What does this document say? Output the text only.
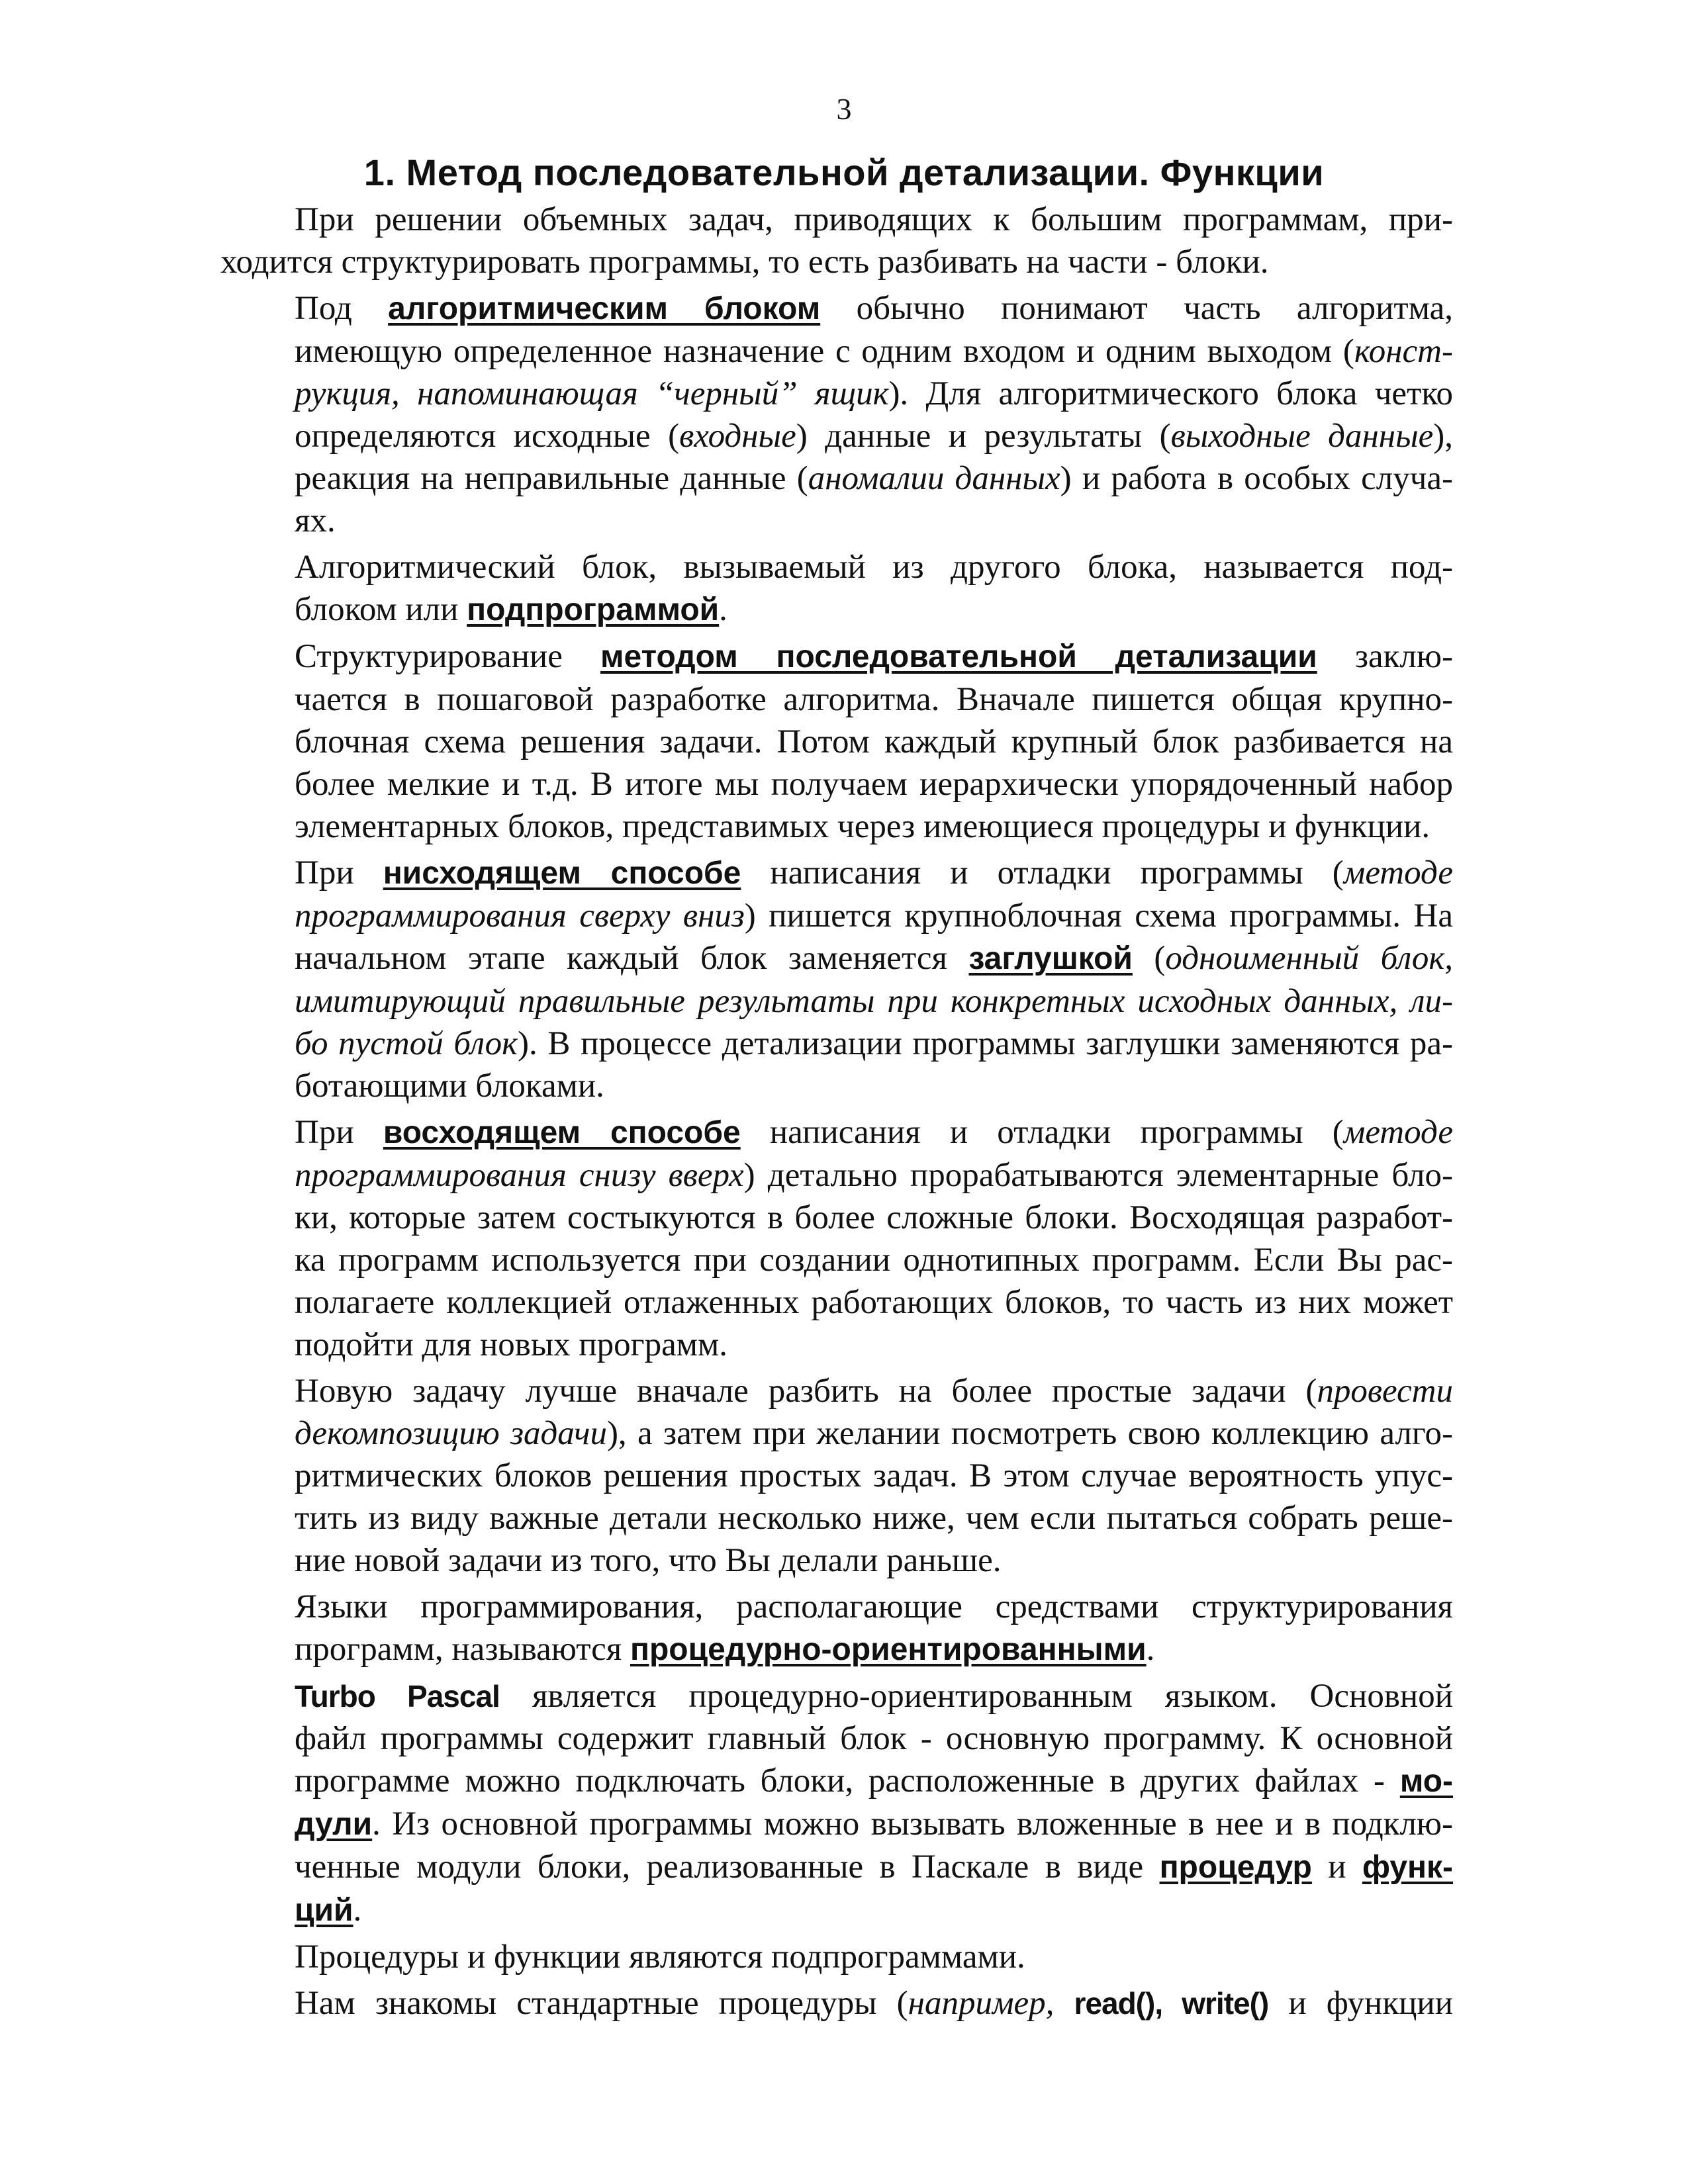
3
1. Метод последовательной детализации. Функции

При решении объемных задач, приводящих к большим программам, при-
ходится структурировать программы, то есть разбивать на части - блоки.

Под алгоритмическим блоком обычно понимают часть алгоритма,
имеющую определенное назначение с одним входом и одним выходом (конст-
рукция, напоминающая “черный” ящик). Для алгоритмического блока четко
определяются исходные (входные) данные и результаты (выходные данные),
реакция на неправильные данные (аномалии данных) и работа в особых случа-
ях.

Алгоритмический блок, вызываемый из другого блока, называется под-
блоком или подпрограммой.

Структурирование методом последовательной детализации заклю-
чается в пошаговой разработке алгоритма. Вначале пишется общая крупно-
блочная схема решения задачи. Потом каждый крупный блок разбивается на
более мелкие и т.д. В итоге мы получаем иерархически упорядоченный набор
элементарных блоков, представимых через имеющиеся процедуры и функции.

При нисходящем способе написания и отладки программы (методе
программирования сверху вниз) пишется крупноблочная схема программы. На
начальном этапе каждый блок заменяется заглушкой (одноименный блок,
имитирующий правильные результаты при конкретных исходных данных, ли-
бо пустой блок). В процессе детализации программы заглушки заменяются ра-
ботающими блоками.

При восходящем способе написания и отладки программы (методе
программирования снизу вверх) детально прорабатываются элементарные бло-
ки, которые затем состыкуются в более сложные блоки. Восходящая разработ-
ка программ используется при создании однотипных программ. Если Вы рас-
полагаете коллекцией отлаженных работающих блоков, то часть из них может
подойти для новых программ.

Новую задачу лучше вначале разбить на более простые задачи (провести
декомпозицию задачи), а затем при желании посмотреть свою коллекцию алго-
ритмических блоков решения простых задач. В этом случае вероятность упус-
тить из виду важные детали несколько ниже, чем если пытаться собрать реше-
ние новой задачи из того, что Вы делали раньше.

Языки программирования, располагающие средствами структурирования
программ, называются процедурно-ориентированными.

Turbo Pascal является процедурно-ориентированным языком. Основной
файл программы содержит главный блок - основную программу. К основной
программе можно подключать блоки, расположенные в других файлах - мо-
дули. Из основной программы можно вызывать вложенные в нее и в подклю-
ченные модули блоки, реализованные в Паскале в виде процедур и функ-
ций.

Процедуры и функции являются подпрограммами.

Нам знакомы стандартные процедуры (например, read(), write() и функции
